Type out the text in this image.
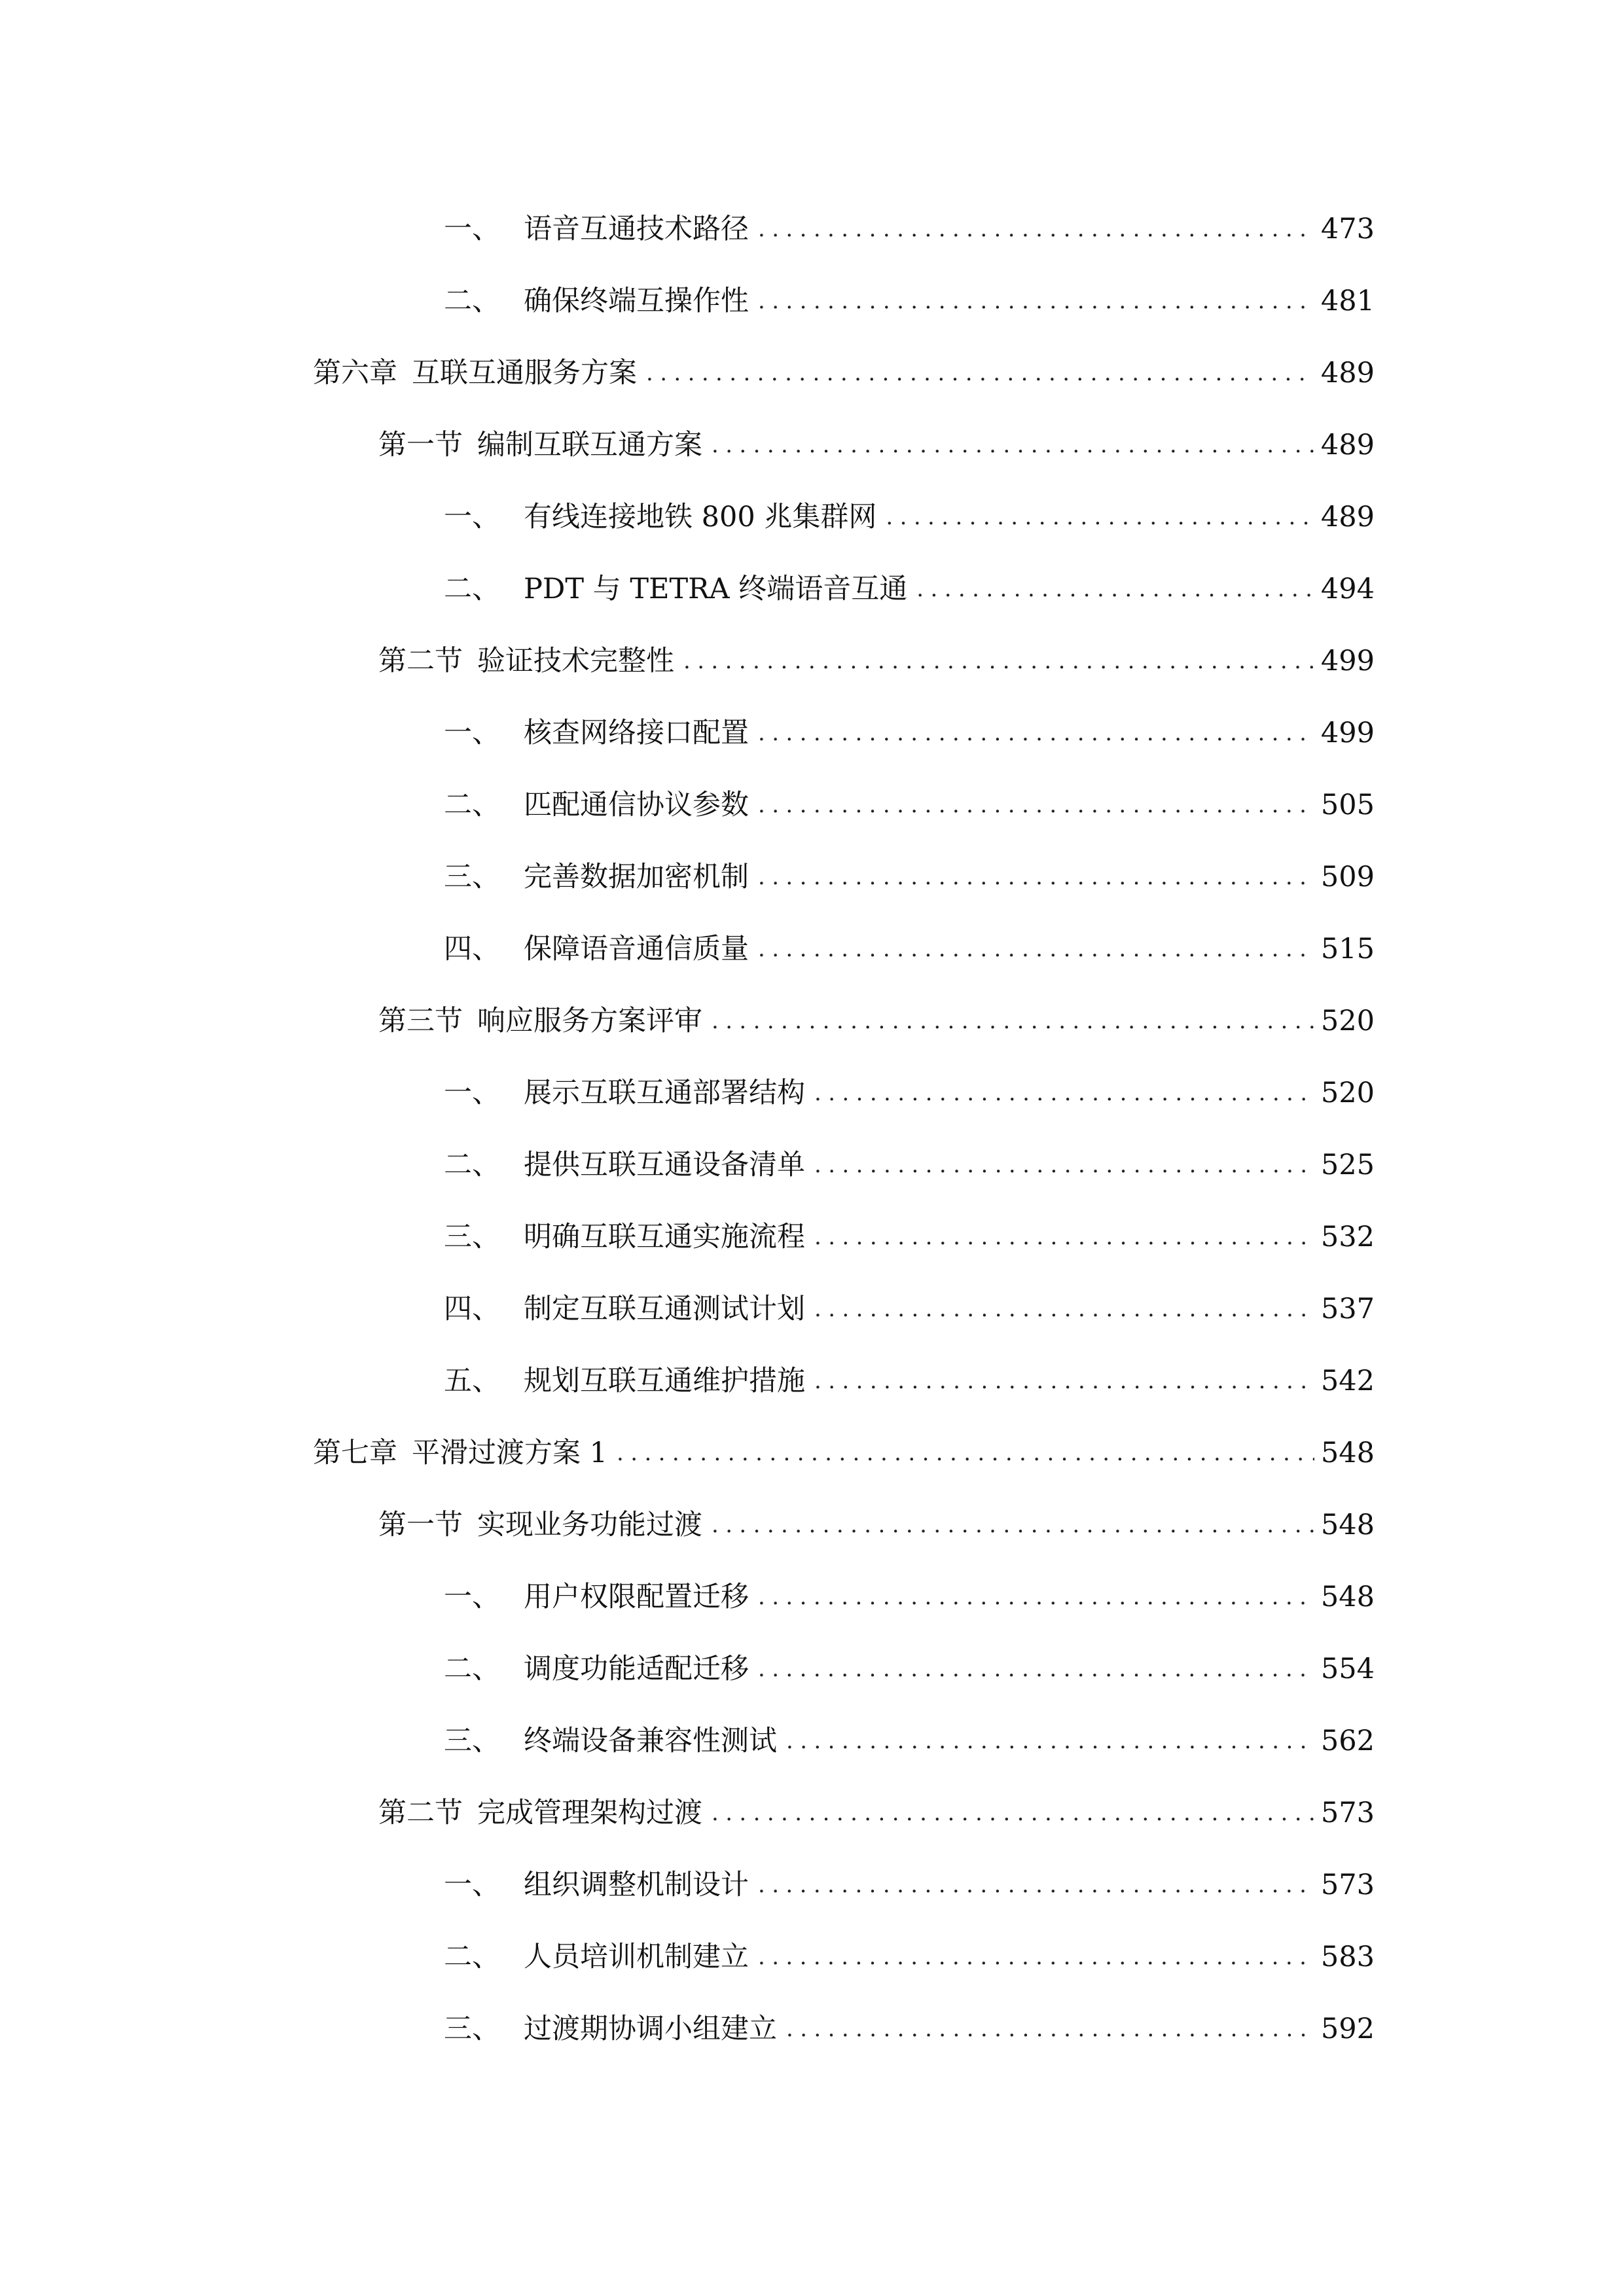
一、 语音互通技术路径 .....	473
二、 确保终端互操作性 .....	481
第六章 互联互通服务方案 .....	489
第一节 编制互联互通方案 .....	489
一、 有线连接地铁 800 兆集群网 .....	489
二、 PDT 与 TETRA 终端语音互通 .....	494
第二节 验证技术完整性 .....	499
一、 核查网络接口配置 .....	499
二、 匹配通信协议参数 .....	505
三、 完善数据加密机制 .....	509
四、 保障语音通信质量 .....	515
第三节 响应服务方案评审 .....	520
一、 展示互联互通部署结构 .....	520
二、 提供互联互通设备清单 .....	525
三、 明确互联互通实施流程 .....	532
四、 制定互联互通测试计划 .....	537
五、 规划互联互通维护措施 .....	542
第七章 平滑过渡方案 1 .....	548
第一节 实现业务功能过渡 .....	548
一、 用户权限配置迁移 .....	548
二、 调度功能适配迁移 .....	554
三、 终端设备兼容性测试 .....	562
第二节 完成管理架构过渡 .....	573
一、 组织调整机制设计 .....	573
二、 人员培训机制建立 .....	583
三、 过渡期协调小组建立 .....	592
